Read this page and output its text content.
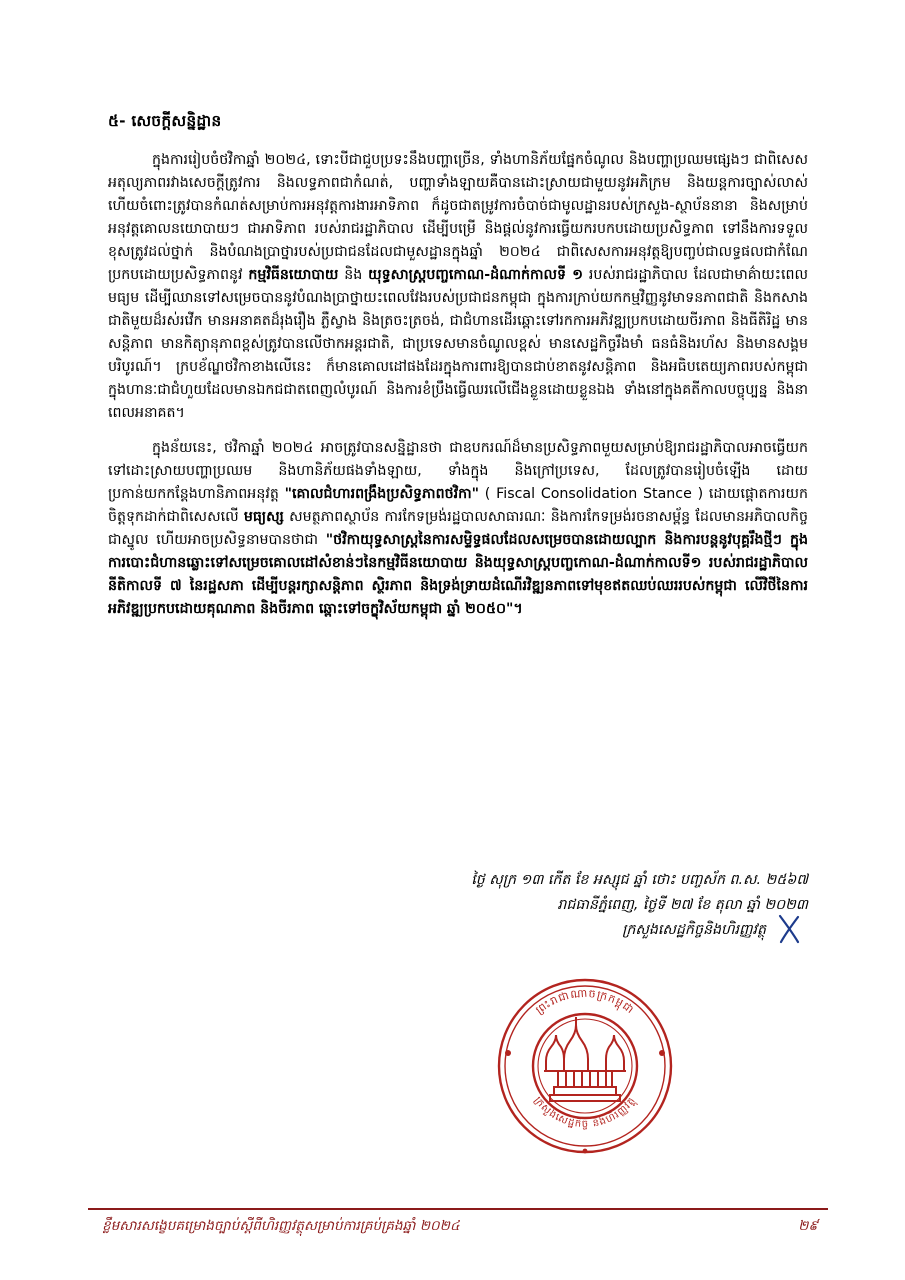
៥- សេចក្ដីសន្និដ្ឋាន

ក្នុងការរៀបចំថវិកាឆ្នាំ ២០២៤, ទោះបីជាជួបប្រទះនឹងបញ្ហាច្រើន, ទាំងហានិភ័យផ្នែកចំណូល និងបញ្ហាប្រឈមផ្សេងៗ ជាពិសេស អតុល្យភាពរវាងសេចក្ដីត្រូវការ និងលទ្ធភាពជាកំណត់, បញ្ហាទាំងឡាយគឺបានដោះស្រាយជាមួយនូវអភិក្រម និងយន្តការច្បាស់លាស់ ហើយចំពោះត្រូវបានកំណត់សម្រាប់ការអនុវត្តការងារអាទិភាព ក៏ដូចជាតម្រូវការចំបាច់ជាមូលដ្ឋានរបស់ក្រសួង-ស្ថាប័ននានា និងសម្រាប់អនុវត្តគោលនយោបាយៗ ជាអាទិភាព របស់រាជរដ្ឋាភិបាល ដើម្បីបម្រើ និងផ្ដល់នូវការធ្វើយករបកបដោយប្រសិទ្ធភាព ទៅនឹងការទទួលខុសត្រូវដល់ថ្នាក់ និងបំណងប្រាថ្នារបស់ប្រជាជនដែលជាមួសដ្ឋានក្នុងឆ្នាំ ២០២៤ ជាពិសេសការអនុវត្ដឱ្យបញ្ចប់ជាលទ្ធផលជាកំណែប្រកបដោយប្រសិទ្ធភាពនូវ កម្មវិធីនយោបាយ និង យុទ្ធសាស្ត្របញ្ចកោណ-ដំណាក់កាលទី ១ របស់រាជរដ្ឋាភិបាល ដែលជាមាគ៌ាយះពេលមធ្យម ដើម្បីឈានទៅសម្រេចបាននូវបំណងប្រាថ្នាយះពេលវែងរបស់ប្រជាជនកម្ពុជា ក្នុងការក្រាប់យកកម្មវិញ្ញនូវមាទនភាពជាតិ និងកសាងជាតិមួយដ៏រស់រវើក មានអនាគតដ៏រុងរឿង ភ្លឺស្វាង និងត្រចះត្រចង់, ជាជំហានដើរឆ្ពោះទៅរកការអភិវឌ្ឍប្រកបដោយចីរភាព និងធីតិរិដ្ឋ មានសន្តិភាព មានកិត្យានុភាពខ្ពស់ត្រូវបានលើថាកអន្តរជាតិ, ជាប្រទេសមានចំណូលខ្ពស់ មានសេដ្ឋកិច្ចរឹងមាំ ធនធំនិងរហ័ស និងមានសង្គមបរិបូរណ៍។ ក្របខ័ណ្ឌថវិកាខាងលើនេះ ក៏មានគោលដៅផងដែរក្នុងការពារឱ្យបានជាប់ខាតនូវសន្តិភាព និងអធិបតេយ្យភាពរបស់កម្ពុជា ក្នុងហានៈជាជំហួយដែលមានឯកជជាតពេញលំបូរណ៍ និងការខំប្រឹងធ្វើឈរលើជើងខ្លួនដោយខ្លួនឯង ទាំងនៅក្នុងគតីកាលបច្ចុប្បន្ន និងនាពេលអនាគត។

ក្នុងន័យនេះ, ថវិកាឆ្នាំ ២០២៤ អាចត្រូវបានសន្និដ្ឋានថា ជាឧបករណ៍ដ៏មានប្រសិទ្ធភាពមួយសម្រាប់ឱ្យរាជរដ្ឋាភិបាលអាចធ្វើយកទៅដោះស្រាយបញ្ហាប្រឈម និងហានិភ័យផងទាំងឡាយ, ទាំងក្នុង និងក្រៅប្រទេស, ដែលត្រូវបានរៀបចំឡើង ដោយប្រកាន់យកកន្ដែងហានិភាពអនុវត្ត "គោលជំហារពង្រឹងប្រសិទ្ធភាពថវិកា" ( Fiscal Consolidation Stance ) ដោយផ្ដោតការយកចិត្តទុកដាក់ជាពិសេសលើ មធ្យស្ស សមត្ថភាពស្ថាប័ន ការកែទម្រង់រដ្ឋបាលសាធារណៈ និងការកែទម្រង់រចនាសម្ព័ន្ធ ដែលមានអភិបាលកិច្ចជាស្នូល ហើយអាចប្រសិទ្ធនាមបានថាជា "ថវិកាយុទ្ធសាស្ត្រនៃការសម្ទិទ្ធផលដែលសម្រេចបានដោយល្បាក និងការបន្ដនូវបុគ្គរឹងថ្មីៗ ក្នុងការបោះជំហានឆ្លោះទៅសម្រេចគោលដៅសំខាន់ៗនៃកម្មវិធីនយោបាយ និងយុទ្ធសាស្ត្របញ្ចកោណ-ដំណាក់កាលទី១ របស់រាជរដ្ឋាភិបាល នីតិកាលទី ៧ នៃរដ្ឋសភា ដើម្បីបន្ដរក្សាសន្តិភាព ស្ថិរភាព និងទ្រង់ទ្រាយដំណើរវិឌ្ឍនភាពទៅមុខឥតឈប់ឈររបស់កម្ពុជា លើវិថីនៃការអភិវឌ្ឍប្រកបដោយគុណភាព និងចីរភាព ឆ្ពោះទៅចក្ខុវិស័យកម្ពុជា ឆ្នាំ ២០៥០"។

ថ្ងៃ សុក្រ ១៣ កើត ខែ អស្សុជ ឆ្នាំ ថោះ បញ្ចស័ក ព.ស. ២៥៦៧
រាជធានីភ្នំពេញ, ថ្ងៃទី ២៧ ខែ តុលា ឆ្នាំ ២០២៣
ក្រសួងសេដ្ឋកិច្ចនិងហិរញ្ញវត្ថុ
ព្រះរាជាណាចក្រកម្ពុជា
ក្រសួងសេដ្ឋកិច្ច និងហិរញ្ញវត្ថុ
ខ្លឹមសារសង្ខេបគម្រោងច្បាប់ស្ដីពីហិរញ្ញវត្ថុសម្រាប់ការគ្រប់គ្រងឆ្នាំ ២០២៤	២៩
